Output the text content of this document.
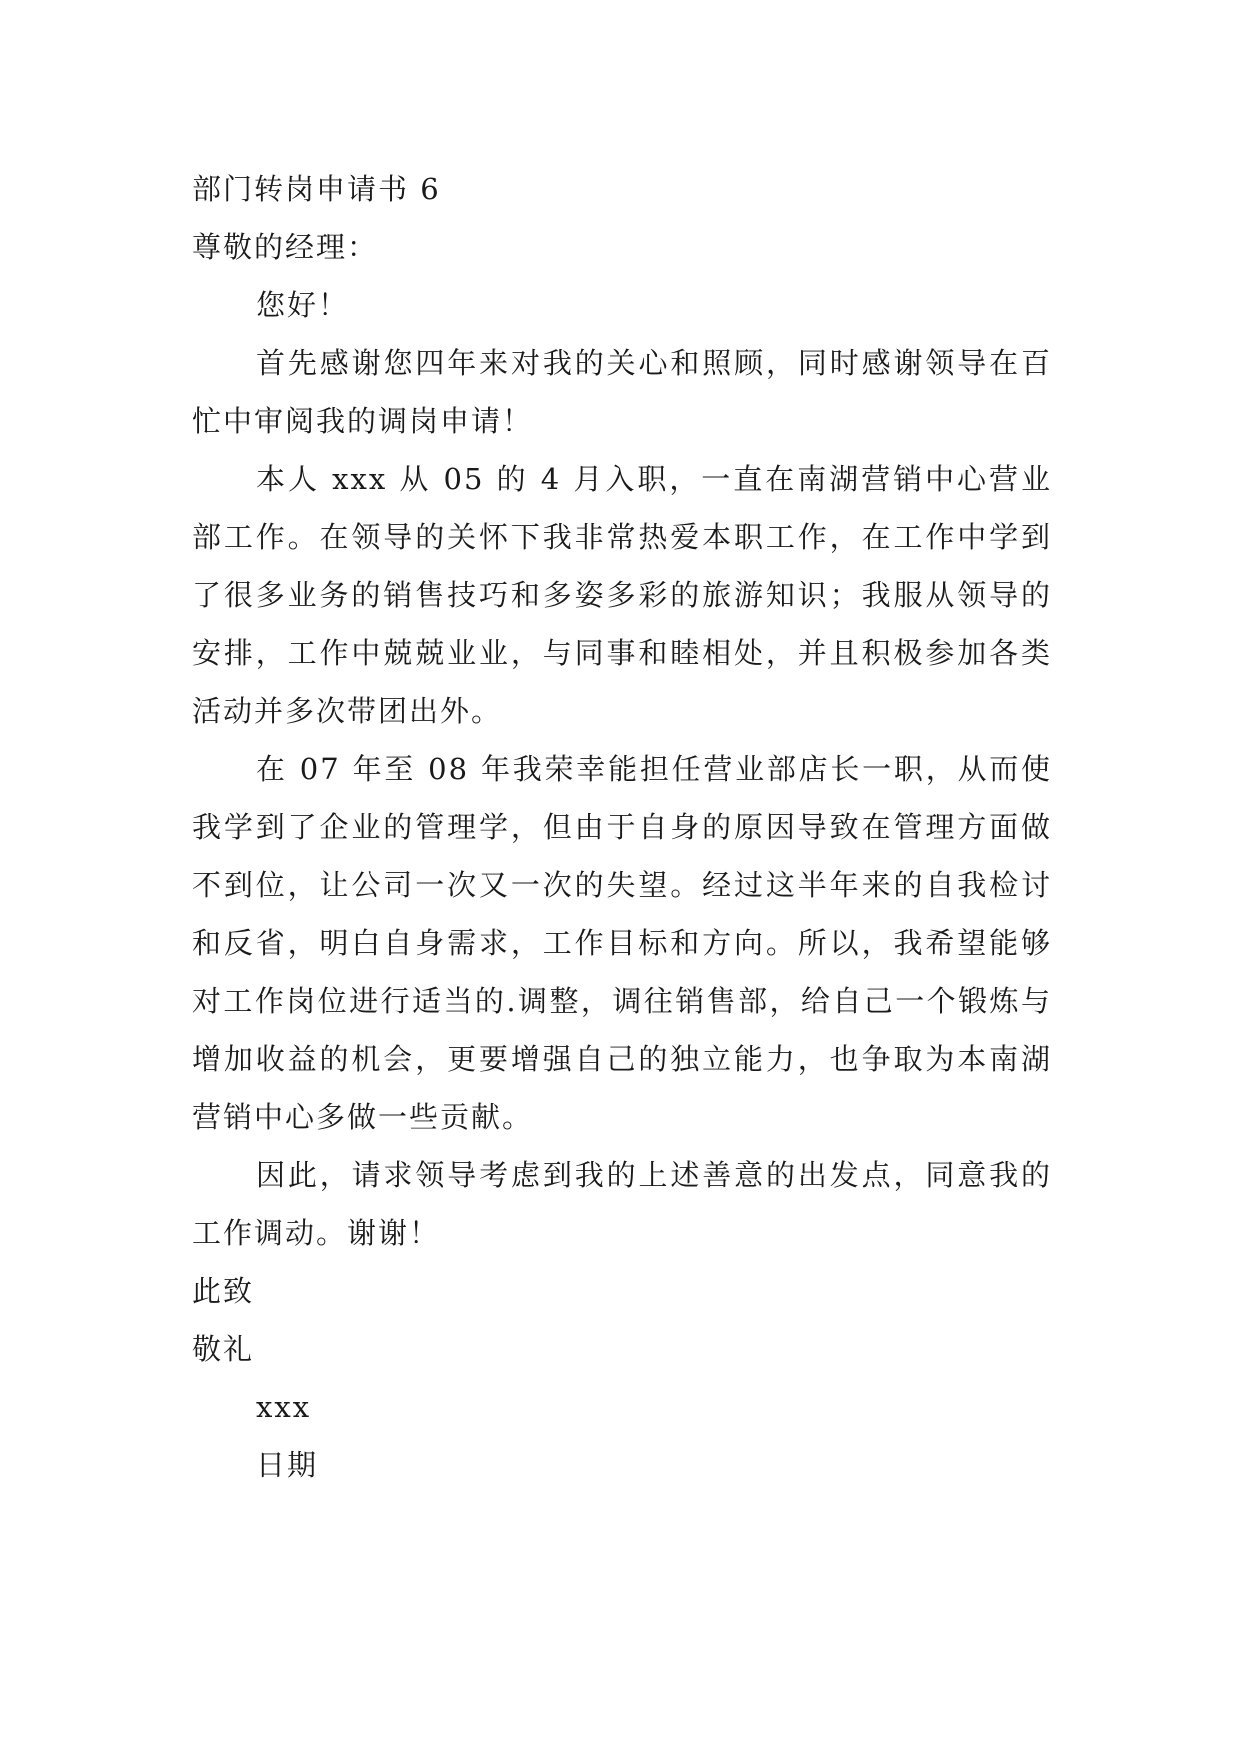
部门转岗申请书 6

尊敬的经理：

您好！

首先感谢您四年来对我的关心和照顾，同时感谢领导在百忙中审阅我的调岗申请！

本人 xxx 从 05 的 4 月入职，一直在南湖营销中心营业部工作。在领导的关怀下我非常热爱本职工作，在工作中学到了很多业务的销售技巧和多姿多彩的旅游知识；我服从领导的安排，工作中兢兢业业，与同事和睦相处，并且积极参加各类活动并多次带团出外。

在 07 年至 08 年我荣幸能担任营业部店长一职，从而使我学到了企业的管理学，但由于自身的原因导致在管理方面做不到位，让公司一次又一次的失望。经过这半年来的自我检讨和反省，明白自身需求，工作目标和方向。所以，我希望能够对工作岗位进行适当的.调整，调往销售部，给自己一个锻炼与增加收益的机会，更要增强自己的独立能力，也争取为本南湖营销中心多做一些贡献。

因此，请求领导考虑到我的上述善意的出发点，同意我的工作调动。谢谢！

此致

敬礼

xxx

日期
